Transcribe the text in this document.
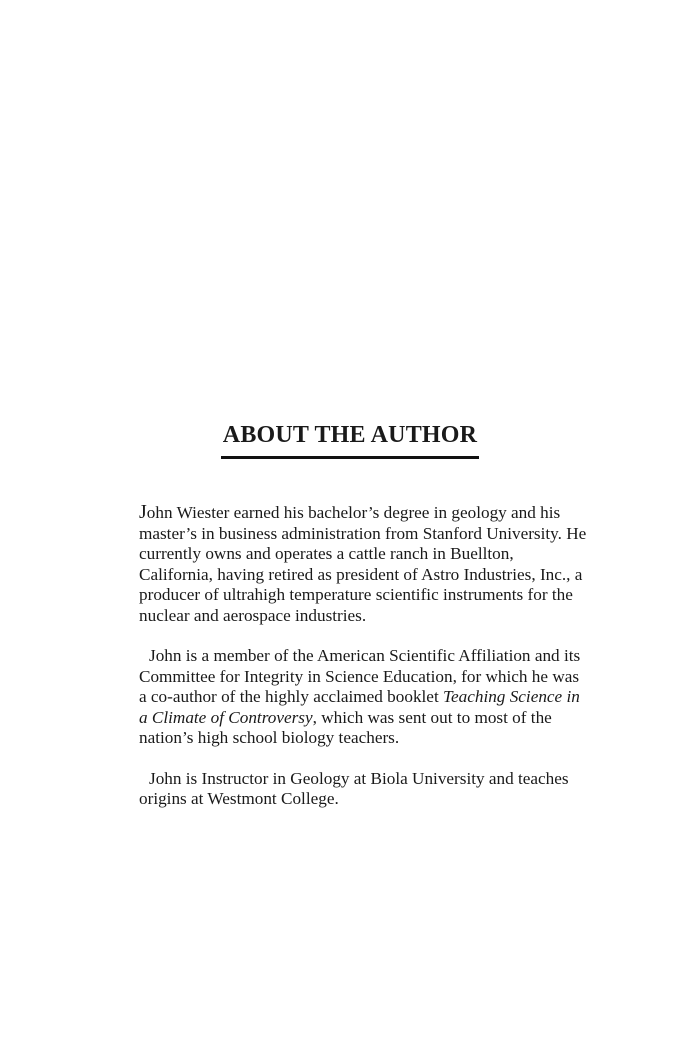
ABOUT THE AUTHOR

John Wiester earned his bachelor’s degree in geology and his master’s in business administration from Stanford University. He currently owns and operates a cattle ranch in Buellton, California, having retired as president of Astro Industries, Inc., a producer of ultrahigh temperature scientific instruments for the nuclear and aerospace industries.

John is a member of the American Scientific Affiliation and its Committee for Integrity in Science Education, for which he was a co-author of the highly acclaimed booklet Teaching Science in a Climate of Controversy, which was sent out to most of the nation’s high school biology teachers.

John is Instructor in Geology at Biola University and teaches origins at Westmont College.
